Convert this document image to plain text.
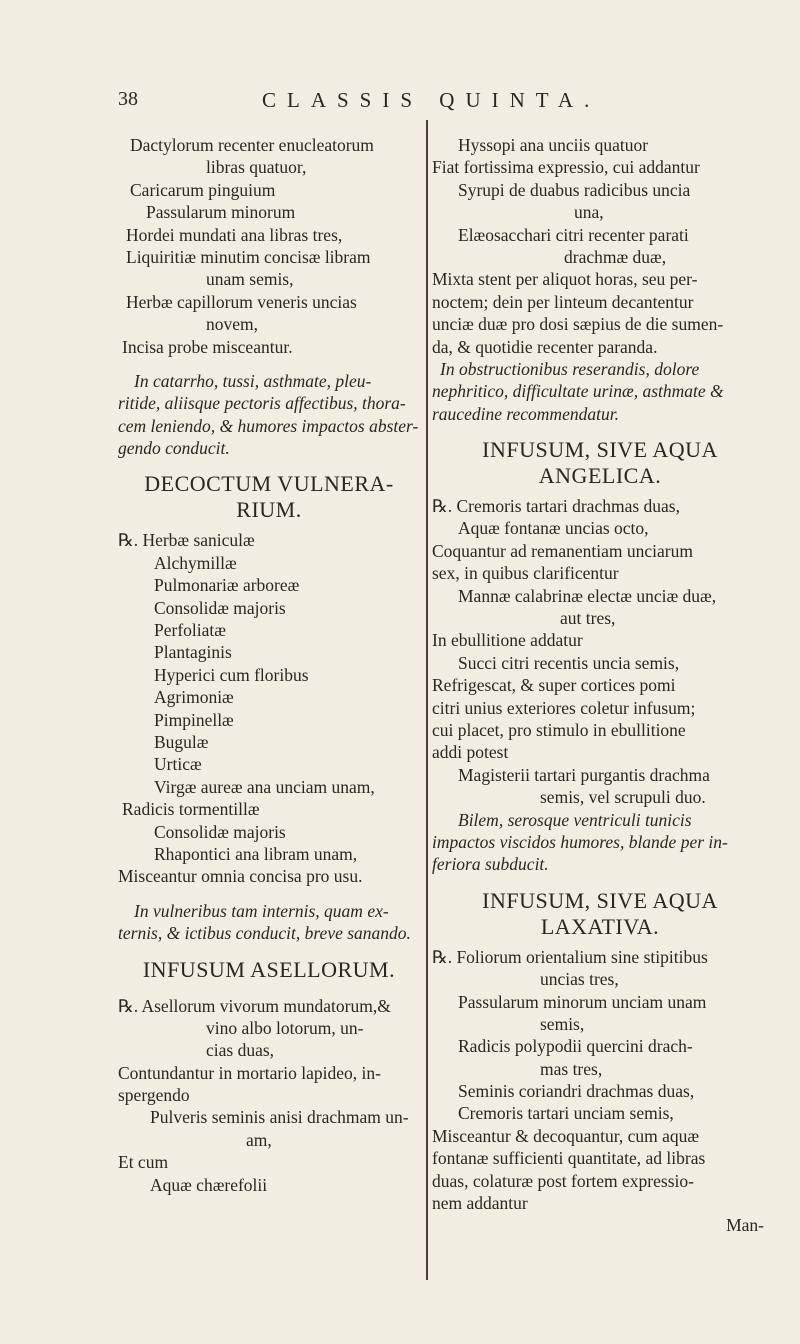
38	CLASSIS QUINTA.
Dactylorum recenter enucleatorum
libras quatuor,
Caricarum pinguium
Passularum minorum
Hordei mundati ana libras tres,
Liquiritiæ minutim concisæ libram
unam semis,
Herbæ capillorum veneris uncias
novem,
Incisa probe misceantur.
In catarrho, tussi, asthmate, pleu-
ritide, aliisque pectoris affectibus, thora-
cem leniendo, & humores impactos abster-
gendo conducit.
DECOCTUM VULNERA-
RIUM.
℞. Herbæ saniculæ
Alchymillæ
Pulmonariæ arboreæ
Consolidæ majoris
Perfoliatæ
Plantaginis
Hyperici cum floribus
Agrimoniæ
Pimpinellæ
Bugulæ
Urticæ
Virgæ aureæ ana unciam unam,
Radicis tormentillæ
Consolidæ majoris
Rhapontici ana libram unam,
Misceantur omnia concisa pro usu.
In vulneribus tam internis, quam ex-
ternis, & ictibus conducit, breve sanando.
INFUSUM ASELLORUM.
℞. Asellorum vivorum mundatorum,&
vino albo lotorum, un-
cias duas,
Contundantur in mortario lapideo, in-
spergendo
Pulveris seminis anisi drachmam un-
am,
Et cum
Aquæ chærefolii
Hyssopi ana unciis quatuor
Fiat fortissima expressio, cui addantur
Syrupi de duabus radicibus uncia
una,
Elæosacchari citri recenter parati
drachmæ duæ,
Mixta stent per aliquot horas, seu per-
noctem; dein per linteum decantentur
unciæ duæ pro dosi sæpius de die sumen-
da, & quotidie recenter paranda.
In obstructionibus reserandis, dolore
nephritico, difficultate urinæ, asthmate &
raucedine recommendatur.
INFUSUM, SIVE AQUA
ANGELICA.
℞. Cremoris tartari drachmas duas,
Aquæ fontanæ uncias octo,
Coquantur ad remanentiam unciarum
sex, in quibus clarificentur
Mannæ calabrinæ electæ unciæ duæ,
aut tres,
In ebullitione addatur
Succi citri recentis uncia semis,
Refrigescat, & super cortices pomi
citri unius exteriores coletur infusum;
cui placet, pro stimulo in ebullitione
addi potest
Magisterii tartari purgantis drachma
semis, vel scrupuli duo.
Bilem, serosque ventriculi tunicis
impactos viscidos humores, blande per in-
feriora subducit.
INFUSUM, SIVE AQUA
LAXATIVA.
℞. Foliorum orientalium sine stipitibus
uncias tres,
Passularum minorum unciam unam
semis,
Radicis polypodii quercini drach-
mas tres,
Seminis coriandri drachmas duas,
Cremoris tartari unciam semis,
Misceantur & decoquantur, cum aquæ
fontanæ sufficienti quantitate, ad libras
duas, colaturæ post fortem expressio-
nem addantur
Man-
